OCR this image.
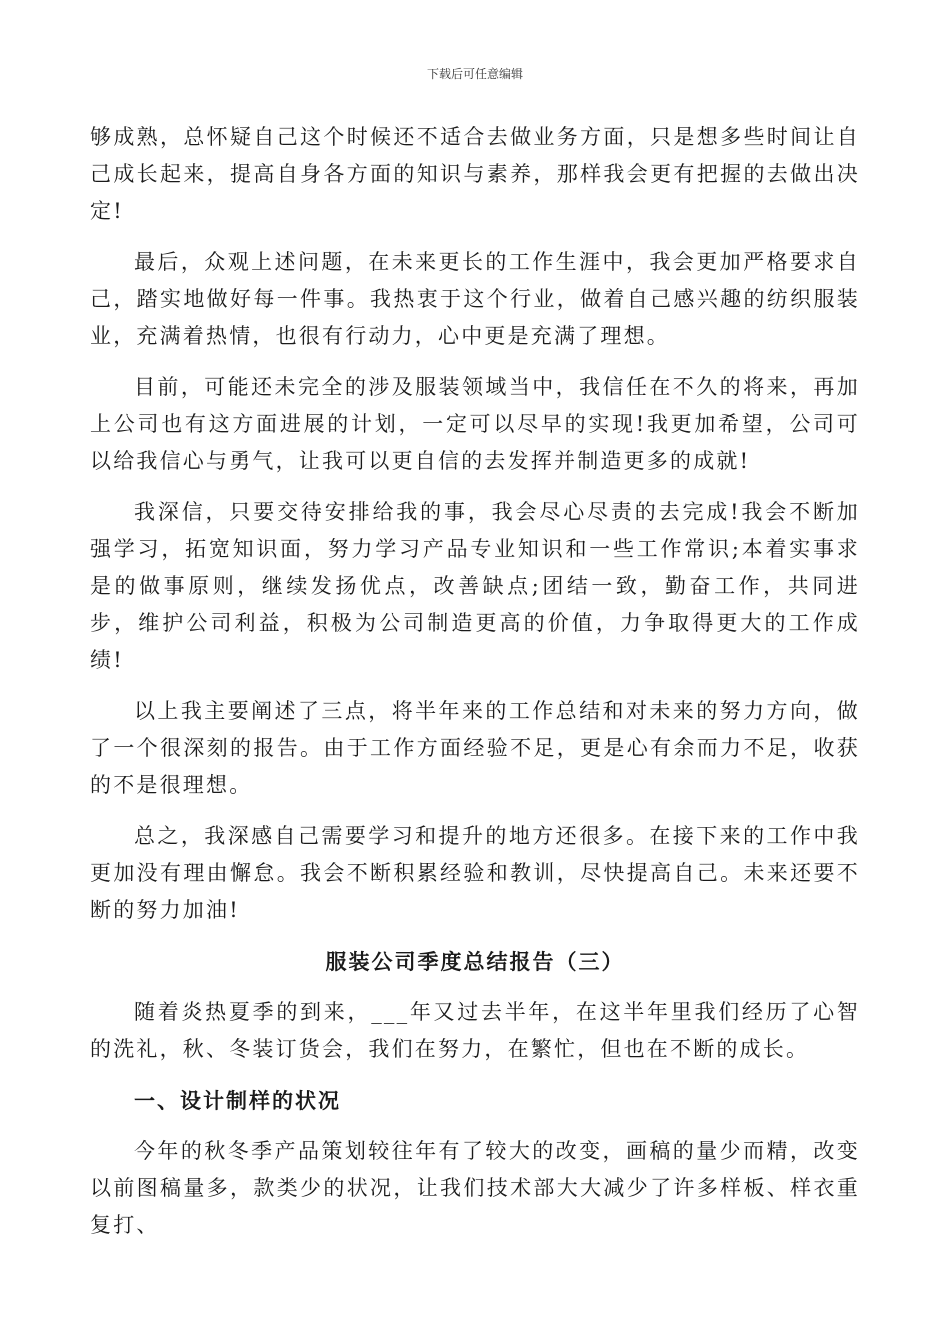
下载后可任意编辑

够成熟，总怀疑自己这个时候还不适合去做业务方面，只是想多些时间让自己成长起来，提高自身各方面的知识与素养，那样我会更有把握的去做出决定!

最后，众观上述问题，在未来更长的工作生涯中，我会更加严格要求自己，踏实地做好每一件事。我热衷于这个行业，做着自己感兴趣的纺织服装业，充满着热情，也很有行动力，心中更是充满了理想。

目前，可能还未完全的涉及服装领域当中，我信任在不久的将来，再加上公司也有这方面进展的计划，一定可以尽早的实现!我更加希望，公司可以给我信心与勇气，让我可以更自信的去发挥并制造更多的成就!

我深信，只要交待安排给我的事，我会尽心尽责的去完成!我会不断加强学习，拓宽知识面，努力学习产品专业知识和一些工作常识;本着实事求是的做事原则，继续发扬优点，改善缺点;团结一致，勤奋工作，共同进步，维护公司利益，积极为公司制造更高的价值，力争取得更大的工作成绩!

以上我主要阐述了三点，将半年来的工作总结和对未来的努力方向，做了一个很深刻的报告。由于工作方面经验不足，更是心有余而力不足，收获的不是很理想。

总之，我深感自己需要学习和提升的地方还很多。在接下来的工作中我更加没有理由懈怠。我会不断积累经验和教训，尽快提高自己。未来还要不断的努力加油!

服装公司季度总结报告（三）

随着炎热夏季的到来，___年又过去半年，在这半年里我们经历了心智的洗礼，秋、冬装订货会，我们在努力，在繁忙，但也在不断的成长。

一、设计制样的状况

今年的秋冬季产品策划较往年有了较大的改变，画稿的量少而精，改变以前图稿量多，款类少的状况，让我们技术部大大减少了许多样板、样衣重复打、
